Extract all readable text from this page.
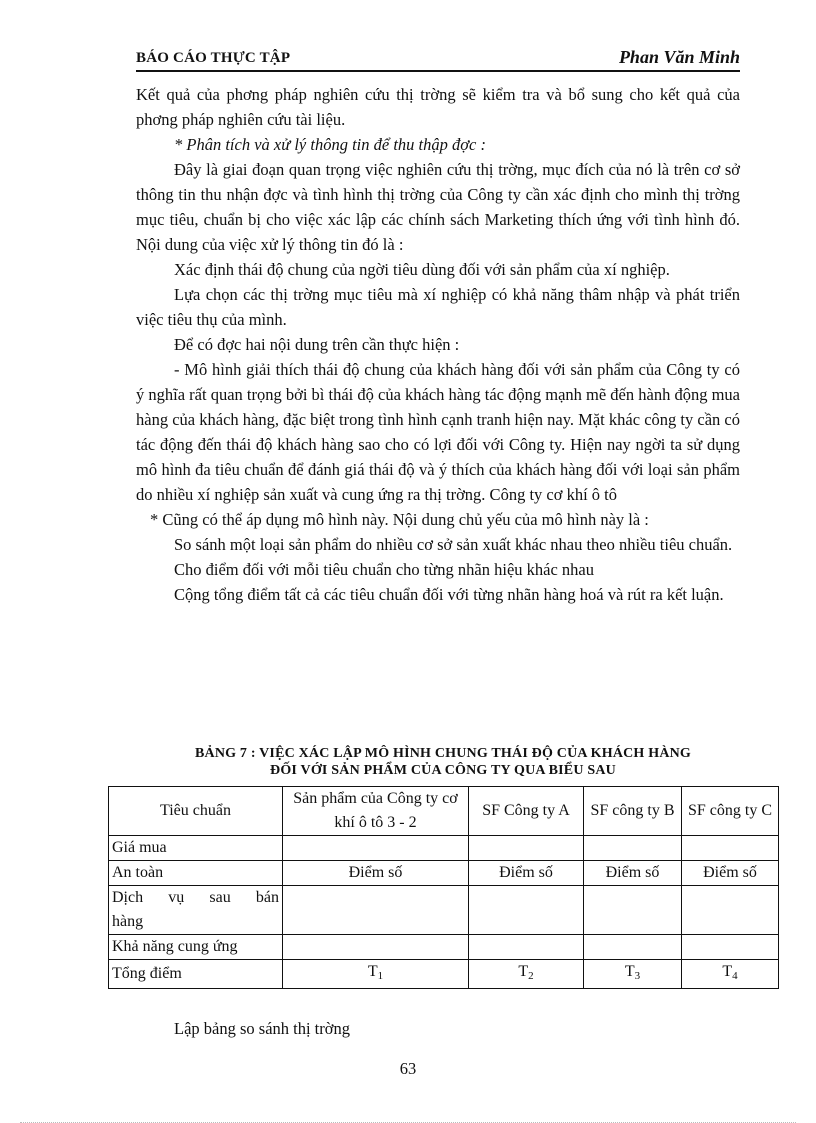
BÁO CÁO THỰC TẬP	Phan Văn Minh

Kết quả của phơng pháp nghiên cứu thị trờng sẽ kiểm tra và bổ sung cho kết quả của phơng pháp nghiên cứu tài liệu.

* Phân tích và xử lý thông tin để thu thập đợc :

Đây là giai đoạn quan trọng việc nghiên cứu thị trờng, mục đích của nó là trên cơ sở thông tin thu nhận đợc và tình hình thị trờng của Công ty cần xác định cho mình thị trờng mục tiêu, chuẩn bị cho việc xác lập các chính sách Marketing thích ứng với tình hình đó. Nội dung của việc xử lý thông tin đó là :

Xác định thái độ chung của ngời tiêu dùng đối với sản phẩm của xí nghiệp.

Lựa chọn các thị trờng mục tiêu mà xí nghiệp có khả năng thâm nhập và phát triển việc tiêu thụ của mình.

Để có đợc hai nội dung trên cần thực hiện :

- Mô hình giải thích thái độ chung của khách hàng đối với sản phẩm của Công ty có ý nghĩa rất quan trọng bởi bì thái độ của khách hàng tác động mạnh mẽ đến hành động mua hàng của khách hàng, đặc biệt trong tình hình cạnh tranh hiện nay. Mặt khác công ty cần có tác động đến thái độ khách hàng sao cho có lợi đối với Công ty. Hiện nay ngời ta sử dụng mô hình đa tiêu chuẩn để đánh giá thái độ và ý thích của khách hàng đối với loại sản phẩm do nhiều xí nghiệp sản xuất và cung ứng ra thị trờng. Công ty cơ khí ô tô

* Cũng có thể áp dụng mô hình này. Nội dung chủ yếu của mô hình này là :

So sánh một loại sản phẩm do nhiều cơ sở sản xuất khác nhau theo nhiều tiêu chuẩn.

Cho điểm đối với mỗi tiêu chuẩn cho từng nhãn hiệu khác nhau

Cộng tổng điểm tất cả các tiêu chuẩn đối với từng nhãn hàng hoá và rút ra kết luận.

BẢNG 7 : VIỆC XÁC LẬP MÔ HÌNH CHUNG THÁI ĐỘ CỦA KHÁCH HÀNG
ĐỐI VỚI SẢN PHẨM CỦA CÔNG TY QUA BIỂU SAU
Tiêu chuẩn	Sản phẩm của Công ty cơ khí ô tô 3 - 2	SF Công ty A	SF công ty B	SF công ty C
Giá mua				
An toàn	Điểm số	Điểm số	Điểm số	Điểm số

Dịch vụ sau bán
hàng				

Khả năng cung ứng				
Tổng điểm	$T_1$	$T_2$	$T_3$	$T_4$
Lập bảng so sánh thị trờng
63
